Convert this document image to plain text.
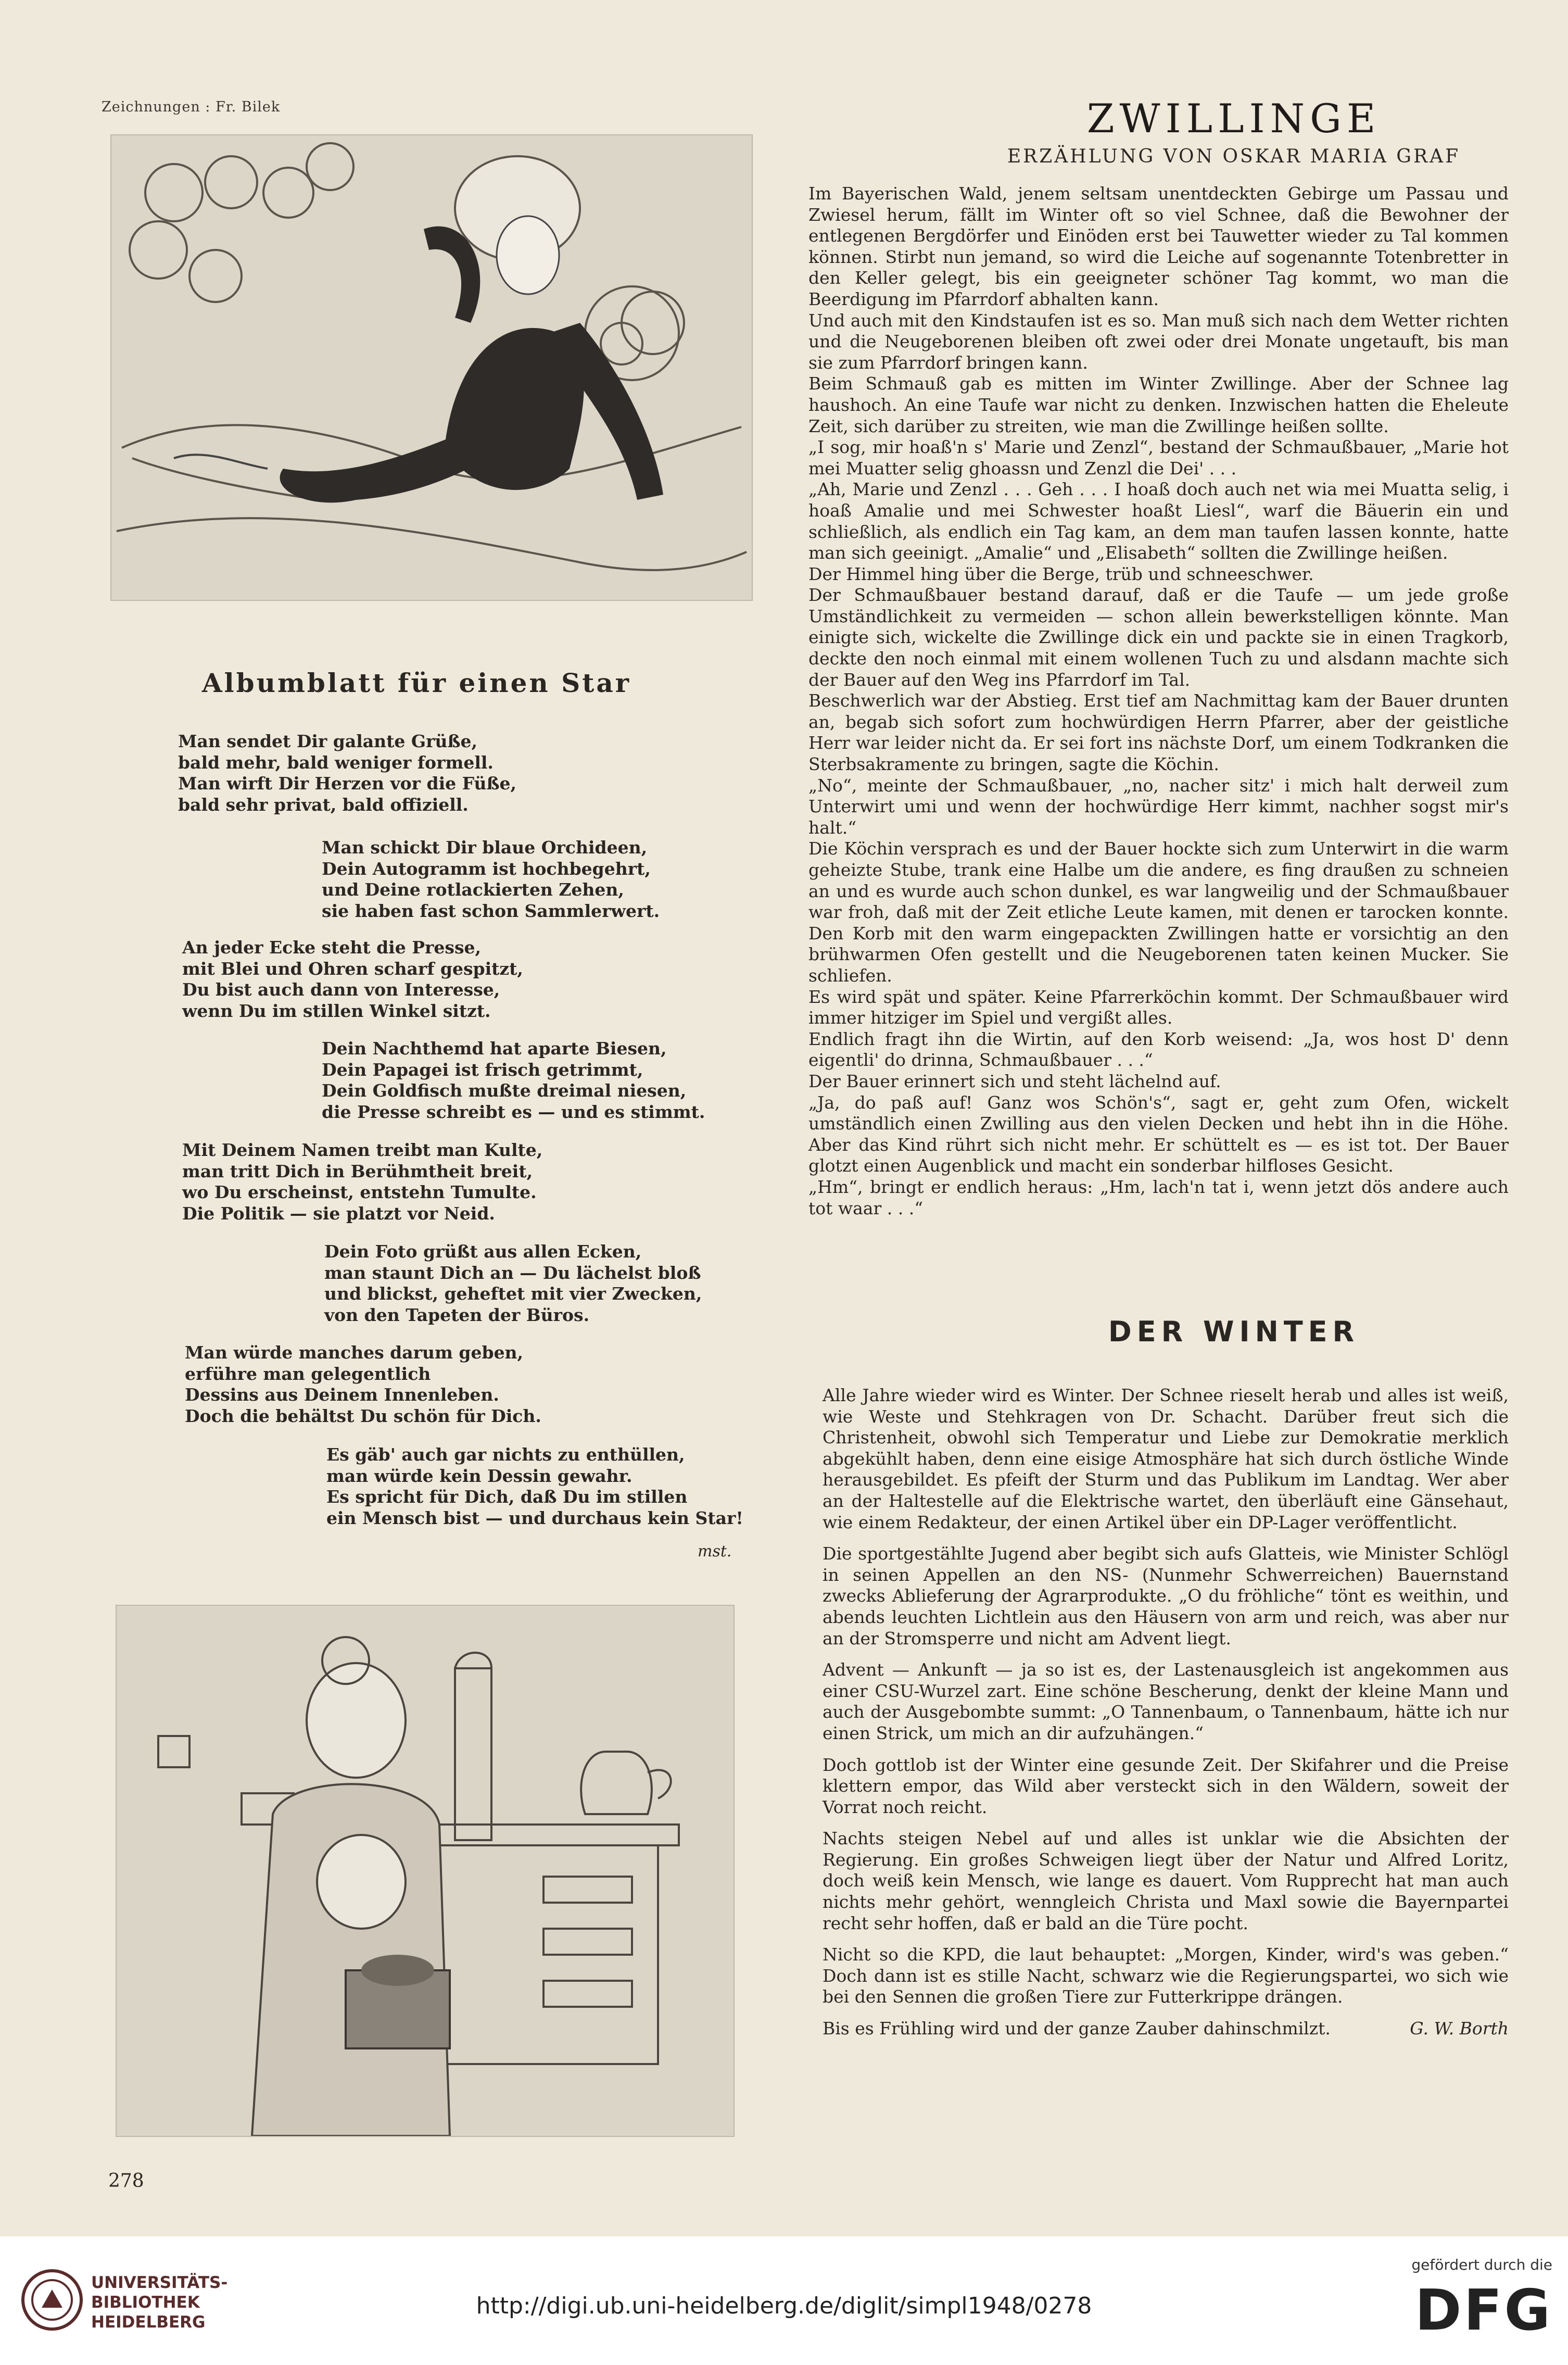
Zeichnungen : Fr. Bilek
Albumblatt für einen Star

Man sendet Dir galante Grüße,

bald mehr, bald weniger formell.

Man wirft Dir Herzen vor die Füße,

bald sehr privat, bald offiziell.

Man schickt Dir blaue Orchideen,

Dein Autogramm ist hochbegehrt,

und Deine rotlackierten Zehen,

sie haben fast schon Sammlerwert.

An jeder Ecke steht die Presse,

mit Blei und Ohren scharf gespitzt,

Du bist auch dann von Interesse,

wenn Du im stillen Winkel sitzt.

Dein Nachthemd hat aparte Biesen,

Dein Papagei ist frisch getrimmt,

Dein Goldfisch mußte dreimal niesen,

die Presse schreibt es — und es stimmt.

Mit Deinem Namen treibt man Kulte,

man tritt Dich in Berühmtheit breit,

wo Du erscheinst, entstehn Tumulte.

Die Politik — sie platzt vor Neid.

Dein Foto grüßt aus allen Ecken,

man staunt Dich an — Du lächelst bloß

und blickst, geheftet mit vier Zwecken,

von den Tapeten der Büros.

Man würde manches darum geben,

erführe man gelegentlich

Dessins aus Deinem Innenleben.

Doch die behältst Du schön für Dich.

Es gäb' auch gar nichts zu enthüllen,

man würde kein Dessin gewahr.

Es spricht für Dich, daß Du im stillen

ein Mensch bist — und durchaus kein Star!

mst.
ZWILLINGE
ERZÄHLUNG VON OSKAR MARIA GRAF

Im Bayerischen Wald, jenem seltsam unentdeckten Gebirge um Passau und Zwiesel herum, fällt im Winter oft so viel Schnee, daß die Bewohner der entlegenen Bergdörfer und Einöden erst bei Tauwetter wieder zu Tal kommen können. Stirbt nun jemand, so wird die Leiche auf sogenannte Totenbretter in den Keller gelegt, bis ein geeigneter schöner Tag kommt, wo man die Beerdigung im Pfarrdorf abhalten kann.

Und auch mit den Kindstaufen ist es so. Man muß sich nach dem Wetter richten und die Neugeborenen bleiben oft zwei oder drei Monate ungetauft, bis man sie zum Pfarrdorf bringen kann.

Beim Schmauß gab es mitten im Winter Zwillinge. Aber der Schnee lag haushoch. An eine Taufe war nicht zu denken. Inzwischen hatten die Eheleute Zeit, sich darüber zu streiten, wie man die Zwillinge heißen sollte.

„I sog, mir hoaß'n s' Marie und Zenzl“, bestand der Schmaußbauer, „Marie hot mei Muatter selig ghoassn und Zenzl die Dei' . . .

„Ah, Marie und Zenzl . . . Geh . . . I hoaß doch auch net wia mei Muatta selig, i hoaß Amalie und mei Schwester hoaßt Liesl“, warf die Bäuerin ein und schließlich, als endlich ein Tag kam, an dem man taufen lassen konnte, hatte man sich geeinigt. „Amalie“ und „Elisabeth“ sollten die Zwillinge heißen.

Der Himmel hing über die Berge, trüb und schneeschwer.

Der Schmaußbauer bestand darauf, daß er die Taufe — um jede große Umständlichkeit zu vermeiden — schon allein bewerkstelligen könnte. Man einigte sich, wickelte die Zwillinge dick ein und packte sie in einen Tragkorb, deckte den noch einmal mit einem wollenen Tuch zu und alsdann machte sich der Bauer auf den Weg ins Pfarrdorf im Tal.

Beschwerlich war der Abstieg. Erst tief am Nachmittag kam der Bauer drunten an, begab sich sofort zum hochwürdigen Herrn Pfarrer, aber der geistliche Herr war leider nicht da. Er sei fort ins nächste Dorf, um einem Todkranken die Sterbsakramente zu bringen, sagte die Köchin.

„No“, meinte der Schmaußbauer, „no, nacher sitz' i mich halt derweil zum Unterwirt umi und wenn der hochwürdige Herr kimmt, nachher sogst mir's halt.“

Die Köchin versprach es und der Bauer hockte sich zum Unterwirt in die warm geheizte Stube, trank eine Halbe um die andere, es fing draußen zu schneien an und es wurde auch schon dunkel, es war langweilig und der Schmaußbauer war froh, daß mit der Zeit etliche Leute kamen, mit denen er tarocken konnte. Den Korb mit den warm eingepackten Zwillingen hatte er vorsichtig an den brühwarmen Ofen gestellt und die Neugeborenen taten keinen Mucker. Sie schliefen.

Es wird spät und später. Keine Pfarrerköchin kommt. Der Schmaußbauer wird immer hitziger im Spiel und vergißt alles.

Endlich fragt ihn die Wirtin, auf den Korb weisend: „Ja, wos host D' denn eigentli' do drinna, Schmaußbauer . . .“

Der Bauer erinnert sich und steht lächelnd auf.

„Ja, do paß auf! Ganz wos Schön's“, sagt er, geht zum Ofen, wickelt umständlich einen Zwilling aus den vielen Decken und hebt ihn in die Höhe. Aber das Kind rührt sich nicht mehr. Er schüttelt es — es ist tot. Der Bauer glotzt einen Augenblick und macht ein sonderbar hilfloses Gesicht.

„Hm“, bringt er endlich heraus: „Hm, lach'n tat i, wenn jetzt dös andere auch tot waar . . .“

DER WINTER

Alle Jahre wieder wird es Winter. Der Schnee rieselt herab und alles ist weiß, wie Weste und Stehkragen von Dr. Schacht. Darüber freut sich die Christenheit, obwohl sich Temperatur und Liebe zur Demokratie merklich abgekühlt haben, denn eine eisige Atmosphäre hat sich durch östliche Winde herausgebildet. Es pfeift der Sturm und das Publikum im Landtag. Wer aber an der Haltestelle auf die Elektrische wartet, den überläuft eine Gänsehaut, wie einem Redakteur, der einen Artikel über ein DP-Lager veröffentlicht.

Die sportgestählte Jugend aber begibt sich aufs Glatteis, wie Minister Schlögl in seinen Appellen an den NS- (Nunmehr Schwerreichen) Bauernstand zwecks Ablieferung der Agrarprodukte. „O du fröhliche“ tönt es weithin, und abends leuchten Lichtlein aus den Häusern von arm und reich, was aber nur an der Stromsperre und nicht am Advent liegt.

Advent — Ankunft — ja so ist es, der Lastenausgleich ist angekommen aus einer CSU-Wurzel zart. Eine schöne Bescherung, denkt der kleine Mann und auch der Ausgebombte summt: „O Tannenbaum, o Tannenbaum, hätte ich nur einen Strick, um mich an dir aufzuhängen.“

Doch gottlob ist der Winter eine gesunde Zeit. Der Skifahrer und die Preise klettern empor, das Wild aber versteckt sich in den Wäldern, soweit der Vorrat noch reicht.

Nachts steigen Nebel auf und alles ist unklar wie die Absichten der Regierung. Ein großes Schweigen liegt über der Natur und Alfred Loritz, doch weiß kein Mensch, wie lange es dauert. Vom Rupprecht hat man auch nichts mehr gehört, wenngleich Christa und Maxl sowie die Bayernpartei recht sehr hoffen, daß er bald an die Türe pocht.

Nicht so die KPD, die laut behauptet: „Morgen, Kinder, wird's was geben.“ Doch dann ist es stille Nacht, schwarz wie die Regierungspartei, wo sich wie bei den Sennen die großen Tiere zur Futterkrippe drängen.

Bis es Frühling wird und der ganze Zauber dahinschmilzt.	G. W. Borth

278
UNIVERSITÄTS-
BIBLIOTHEK
HEIDELBERG
http://digi.ub.uni-heidelberg.de/diglit/simpl1948/0278
gefördert durch die
DFG
